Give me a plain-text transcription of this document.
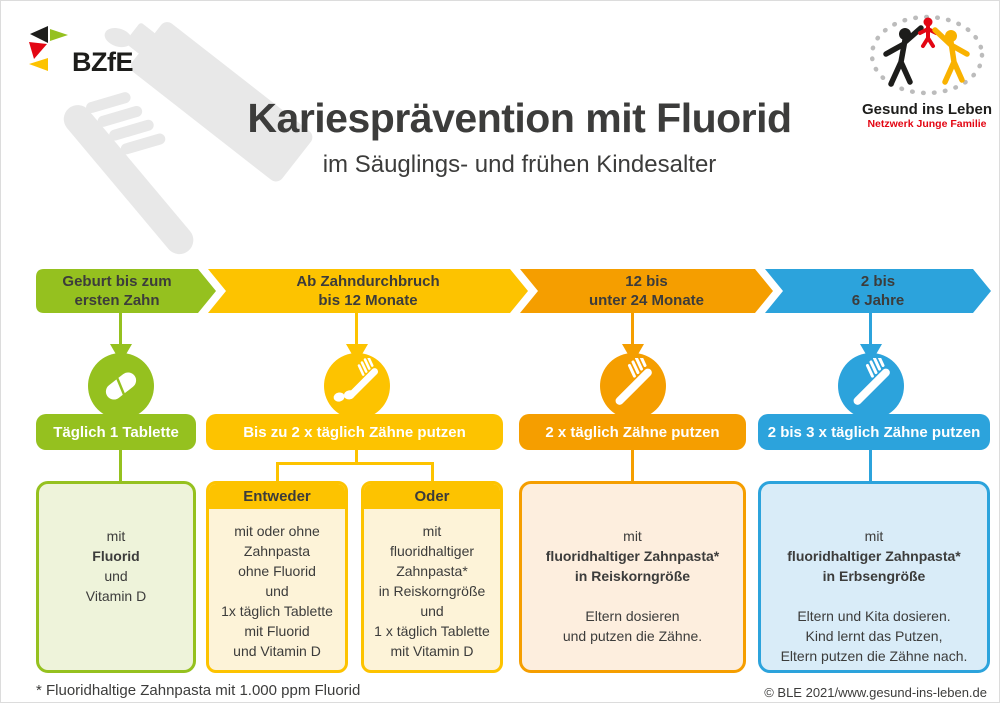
BZfE
Gesund ins Leben
Netzwerk Junge Familie
Kariesprävention mit Fluorid
im Säuglings- und frühen Kindesalter
Geburt bis zum
ersten Zahn
Ab Zahndurchbruch
bis 12 Monate
12 bis
unter 24 Monate
2 bis
6 Jahre
Täglich 1 Tablette	Bis zu 2 x täglich Zähne putzen	2 x täglich Zähne putzen	2 bis 3 x täglich Zähne putzen
mit
Fluorid
und
Vitamin D
Entweder
mit oder ohne
Zahnpasta
ohne Fluorid
und
1x täglich Tablette
mit Fluorid
und Vitamin D
Oder
mit
fluoridhaltiger
Zahnpasta*
in Reiskorngröße
und
1 x täglich Tablette
mit Vitamin D
mit
fluoridhaltiger Zahnpasta*
in Reiskorngröße
Eltern dosieren
und putzen die Zähne.
mit
fluoridhaltiger Zahnpasta*
in Erbsengröße
Eltern und Kita dosieren.
Kind lernt das Putzen,
Eltern putzen die Zähne nach.
* Fluoridhaltige Zahnpasta mit 1.000 ppm Fluorid	© BLE 2021/www.gesund-ins-leben.de
